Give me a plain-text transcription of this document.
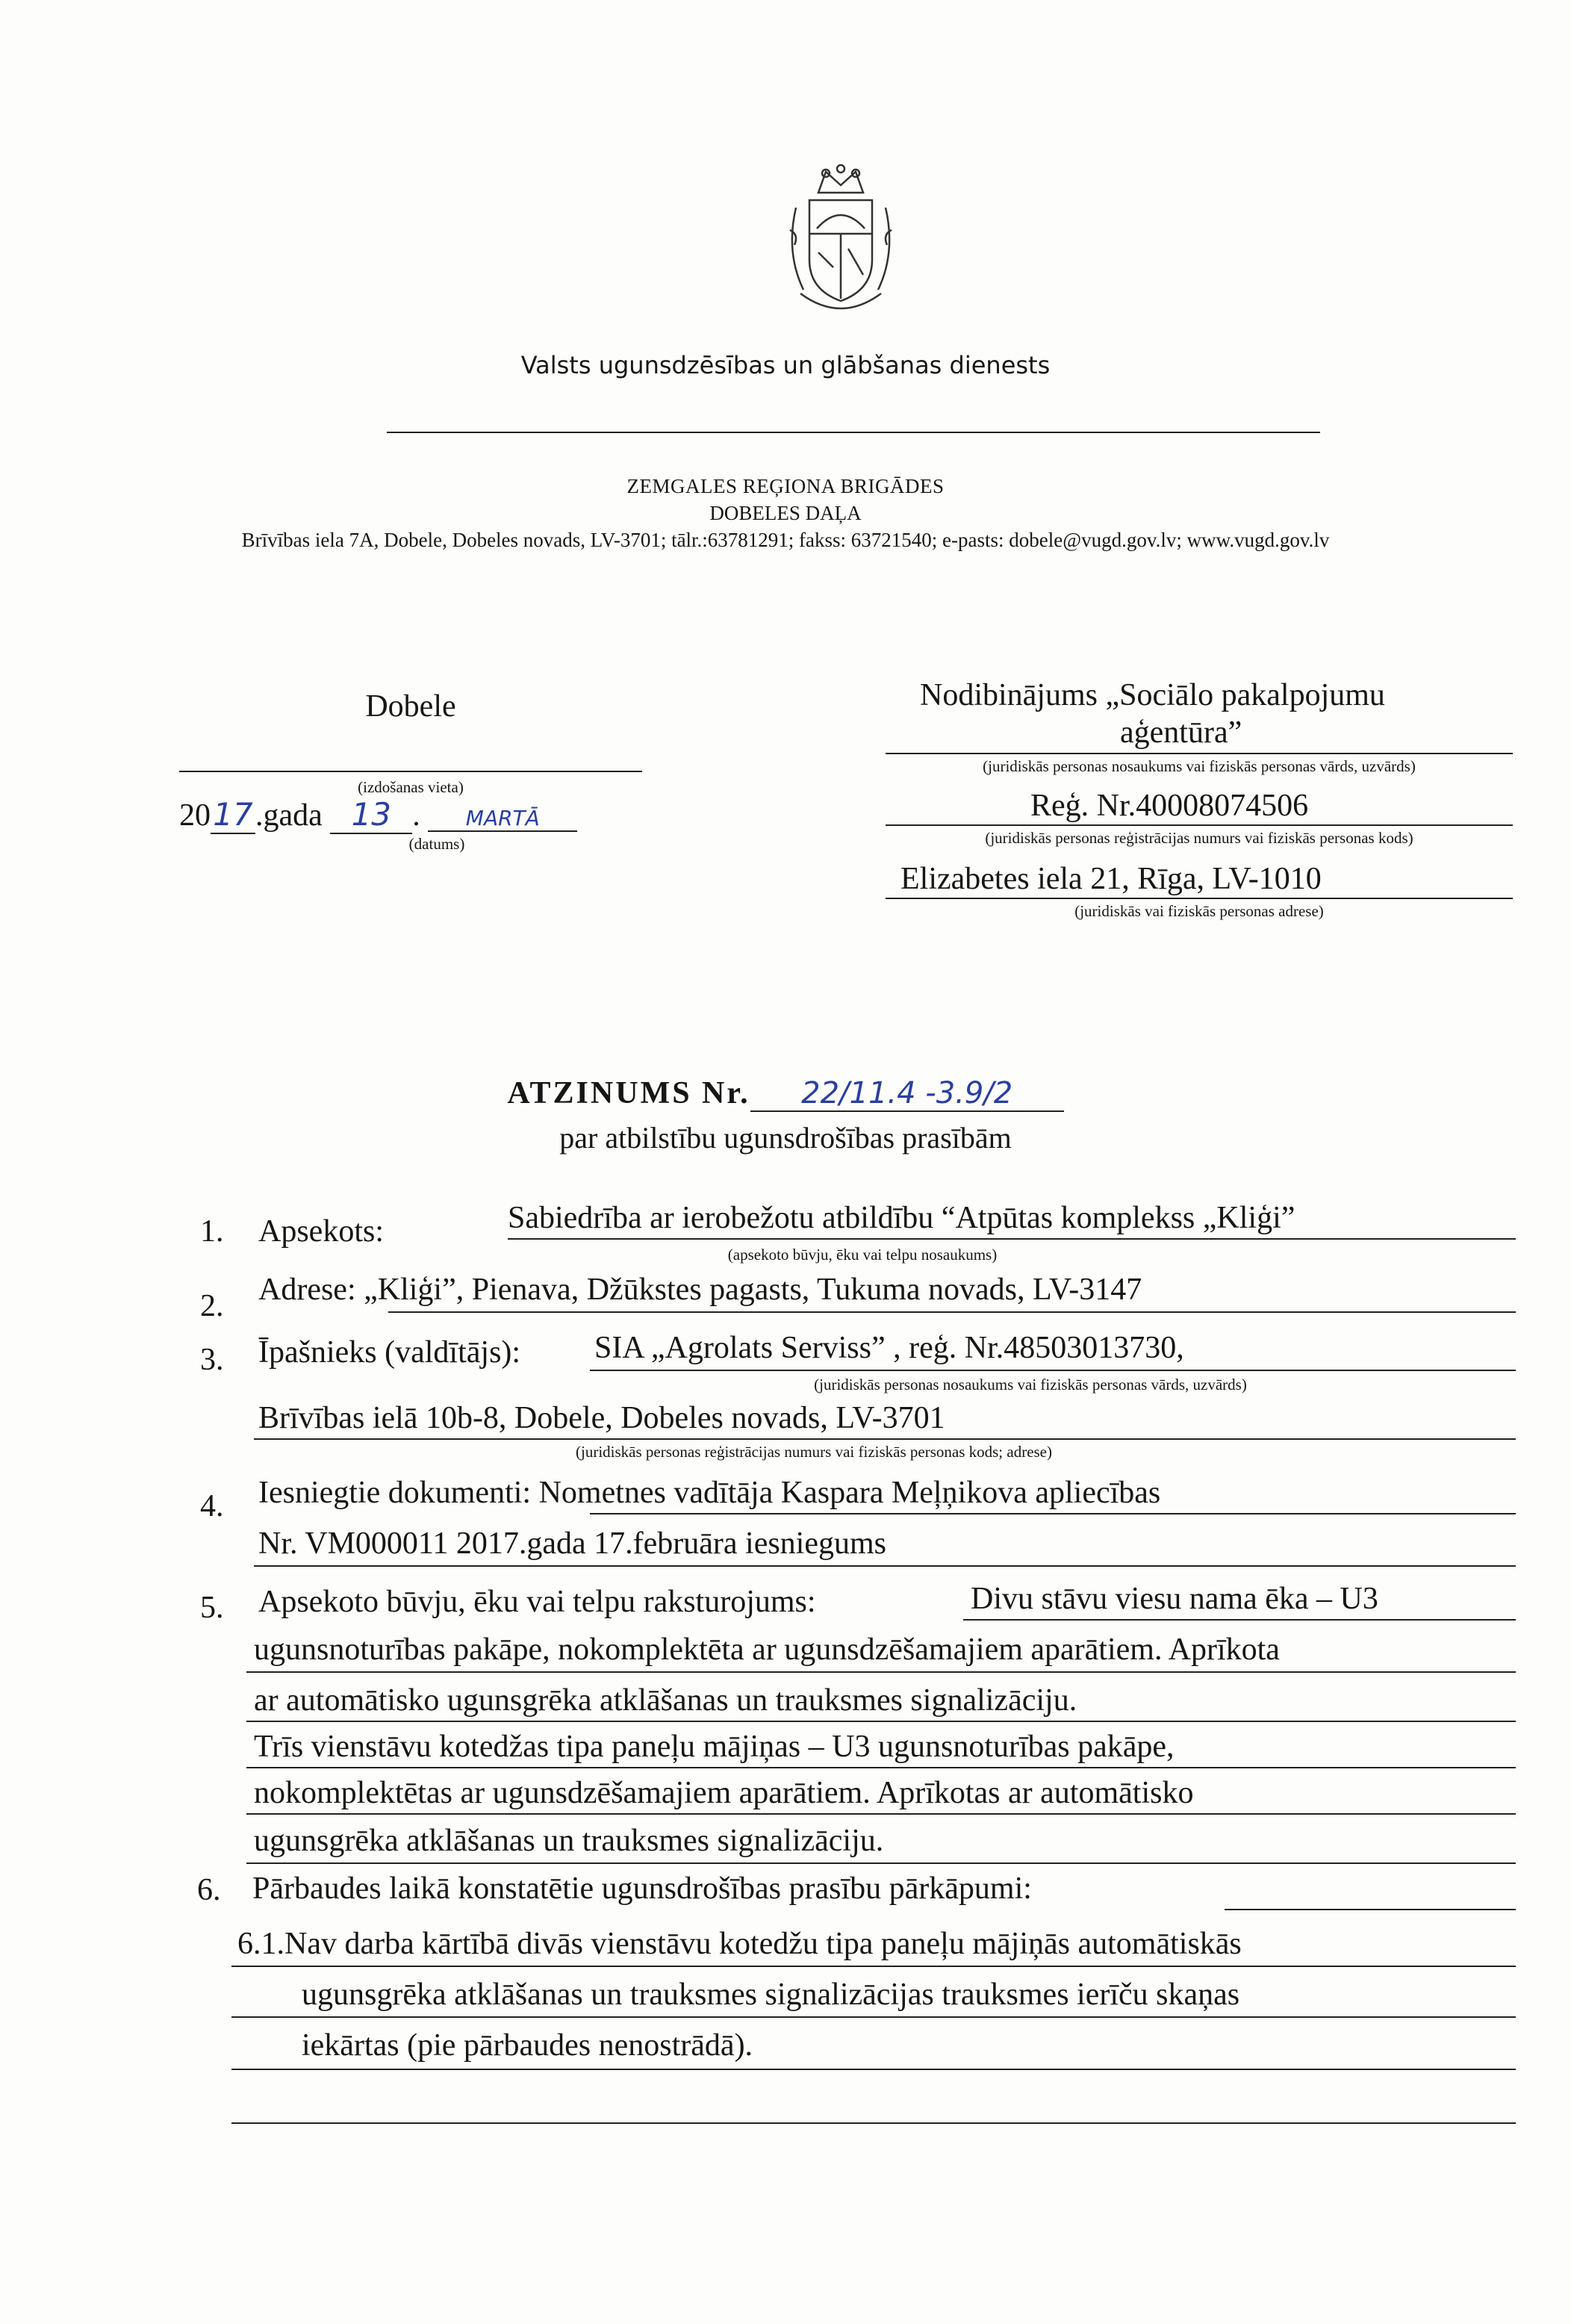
Valsts ugunsdzēsības un glābšanas dienests
ZEMGALES REĢIONA BRIGĀDES
DOBELES DAĻA
Brīvības iela 7A, Dobele, Dobeles novads, LV-3701; tālr.:63781291; fakss: 63721540; e-pasts: dobele@vugd.gov.lv; www.vugd.gov.lv
Dobele
(izdošanas vieta)
2017.gada 13 . MARTĀ
(datums)
Nodibinājums „Sociālo pakalpojumu
aģentūra”
(juridiskās personas nosaukums vai fiziskās personas vārds, uzvārds)
Reģ. Nr.40008074506
(juridiskās personas reģistrācijas numurs vai fiziskās personas kods)
Elizabetes iela 21, Rīga, LV-1010
(juridiskās vai fiziskās personas adrese)
ATZINUMS Nr. 22/11.4 -3.9/2
par atbilstību ugunsdrošības prasībām
1. Apsekots:	Sabiedrība ar ierobežotu atbildību “Atpūtas komplekss „Kliģi”
(apsekoto būvju, ēku vai telpu nosaukums)
2. Adrese: „Kliģi”, Pienava, Džūkstes pagasts, Tukuma novads, LV-3147
3. Īpašnieks (valdītājs): SIA „Agrolats Serviss” , reģ. Nr.48503013730,
(juridiskās personas nosaukums vai fiziskās personas vārds, uzvārds)
Brīvības ielā 10b-8, Dobele, Dobeles novads, LV-3701
(juridiskās personas reģistrācijas numurs vai fiziskās personas kods; adrese)
4. Iesniegtie dokumenti: Nometnes vadītāja Kaspara Meļņikova apliecības
Nr. VM000011 2017.gada 17.februāra iesniegums
5. Apsekoto būvju, ēku vai telpu raksturojums:	Divu stāvu viesu nama ēka – U3
ugunsnoturības pakāpe, nokomplektēta ar ugunsdzēšamajiem aparātiem. Aprīkota
ar automātisko ugunsgrēka atklāšanas un trauksmes signalizāciju.
Trīs vienstāvu kotedžas tipa paneļu mājiņas – U3 ugunsnoturības pakāpe,
nokomplektētas ar ugunsdzēšamajiem aparātiem. Aprīkotas ar automātisko
ugunsgrēka atklāšanas un trauksmes signalizāciju.
6. Pārbaudes laikā konstatētie ugunsdrošības prasību pārkāpumi:
6.1.Nav darba kārtībā divās vienstāvu kotedžu tipa paneļu mājiņās automātiskās
ugunsgrēka atklāšanas un trauksmes signalizācijas trauksmes ierīču skaņas
iekārtas (pie pārbaudes nenostrādā).
